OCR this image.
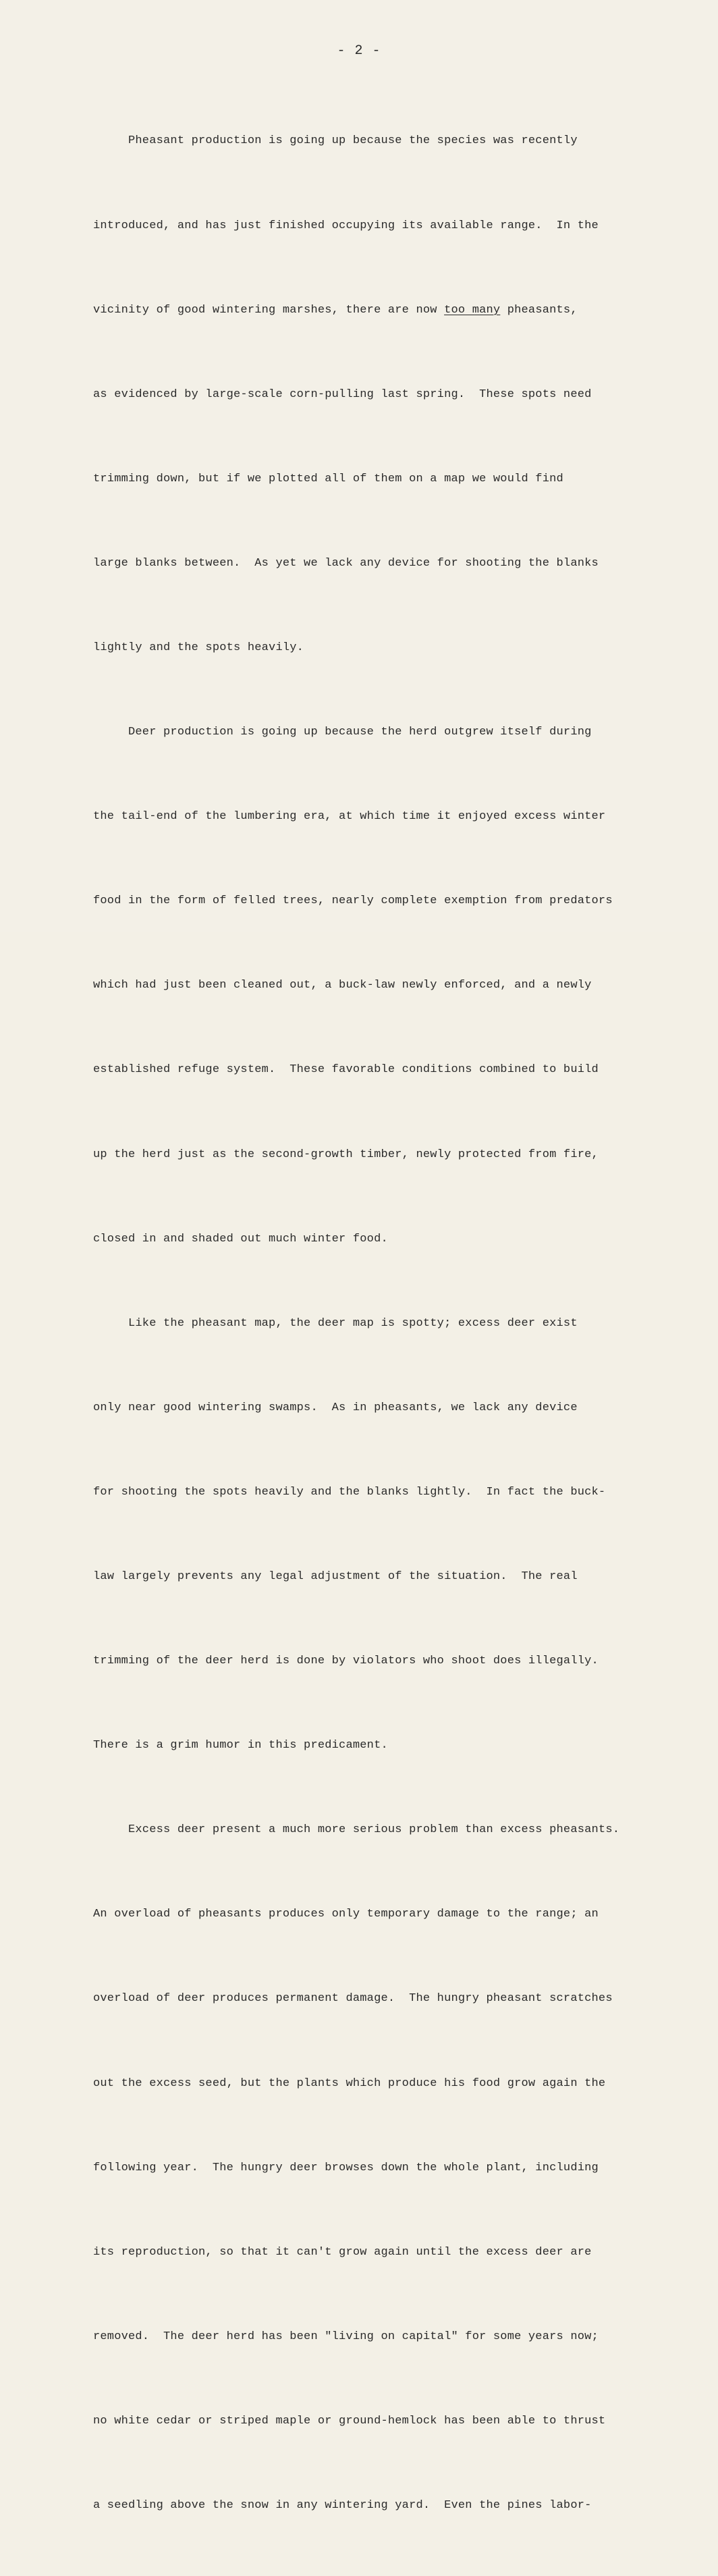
- 2 -

Pheasant production is going up because the species was recently

introduced, and has just finished occupying its available range.  In the

vicinity of good wintering marshes, there are now too many pheasants,

as evidenced by large-scale corn-pulling last spring.  These spots need

trimming down, but if we plotted all of them on a map we would find

large blanks between.  As yet we lack any device for shooting the blanks

lightly and the spots heavily.

Deer production is going up because the herd outgrew itself during

the tail-end of the lumbering era, at which time it enjoyed excess winter

food in the form of felled trees, nearly complete exemption from predators

which had just been cleaned out, a buck-law newly enforced, and a newly

established refuge system.  These favorable conditions combined to build

up the herd just as the second-growth timber, newly protected from fire,

closed in and shaded out much winter food.

Like the pheasant map, the deer map is spotty; excess deer exist

only near good wintering swamps.  As in pheasants, we lack any device

for shooting the spots heavily and the blanks lightly.  In fact the buck-

law largely prevents any legal adjustment of the situation.  The real

trimming of the deer herd is done by violators who shoot does illegally.

There is a grim humor in this predicament.

Excess deer present a much more serious problem than excess pheasants.

An overload of pheasants produces only temporary damage to the range; an

overload of deer produces permanent damage.  The hungry pheasant scratches

out the excess seed, but the plants which produce his food grow again the

following year.  The hungry deer browses down the whole plant, including

its reproduction, so that it can't grow again until the excess deer are

removed.  The deer herd has been "living on capital" for some years now;

no white cedar or striped maple or ground-hemlock has been able to thrust

a seedling above the snow in any wintering yard.  Even the pines labor-
